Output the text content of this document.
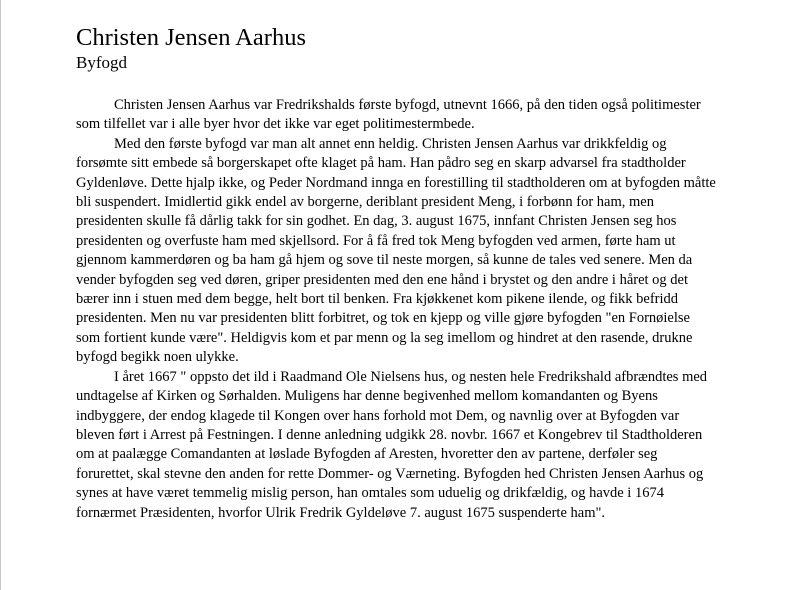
Christen Jensen Aarhus
Byfogd

Christen Jensen Aarhus var Fredrikshalds første byfogd, utnevnt 1666, på den tiden også politimester som tilfellet var i alle byer hvor det ikke var eget politimestermbede.

Med den første byfogd var man alt annet enn heldig. Christen Jensen Aarhus var drikkfeldig og forsømte sitt embede så borgerskapet ofte klaget på ham. Han pådro seg en skarp advarsel fra stadtholder Gyldenløve. Dette hjalp ikke, og Peder Nordmand innga en forestilling til stadtholderen om at byfogden måtte bli suspendert. Imidlertid gikk endel av borgerne, deriblant president Meng, i forbønn for ham, men presidenten skulle få dårlig takk for sin godhet. En dag, 3. august 1675, innfant Christen Jensen seg hos presidenten og overfuste ham med skjellsord. For å få fred tok Meng byfogden ved armen, førte ham ut gjennom kammerdøren og ba ham gå hjem og sove til neste morgen, så kunne de tales ved senere. Men da vender byfogden seg ved døren, griper presidenten med den ene hånd i brystet og den andre i håret og det bærer inn i stuen med dem begge, helt bort til benken. Fra kjøkkenet kom pikene ilende, og fikk befridd presidenten. Men nu var presidenten blitt forbitret, og tok en kjepp og ville gjøre byfogden "en Fornøielse som fortient kunde være". Heldigvis kom et par menn og la seg imellom og hindret at den rasende, drukne byfogd begikk noen ulykke.

I året 1667 " oppsto det ild i Raadmand Ole Nielsens hus, og nesten hele Fredrikshald afbrændtes med undtagelse af Kirken og Sørhalden. Muligens har denne begivenhed mellom komandanten og Byens indbyggere, der endog klagede til Kongen over hans forhold mot Dem, og navnlig over at Byfogden var bleven ført i Arrest på Festningen. I denne anledning udgikk 28. novbr. 1667 et Kongebrev til Stadtholderen om at paalægge Comandanten at løslade Byfogden af Aresten, hvoretter den av partene, derføler seg forurettet, skal stevne den anden for rette Dommer- og Værneting. Byfogden hed Christen Jensen Aarhus og synes at have været temmelig mislig person, han omtales som uduelig og drikfældig, og havde i 1674 fornærmet Præsidenten, hvorfor Ulrik Fredrik Gyldeløve 7. august 1675 suspenderte ham".
